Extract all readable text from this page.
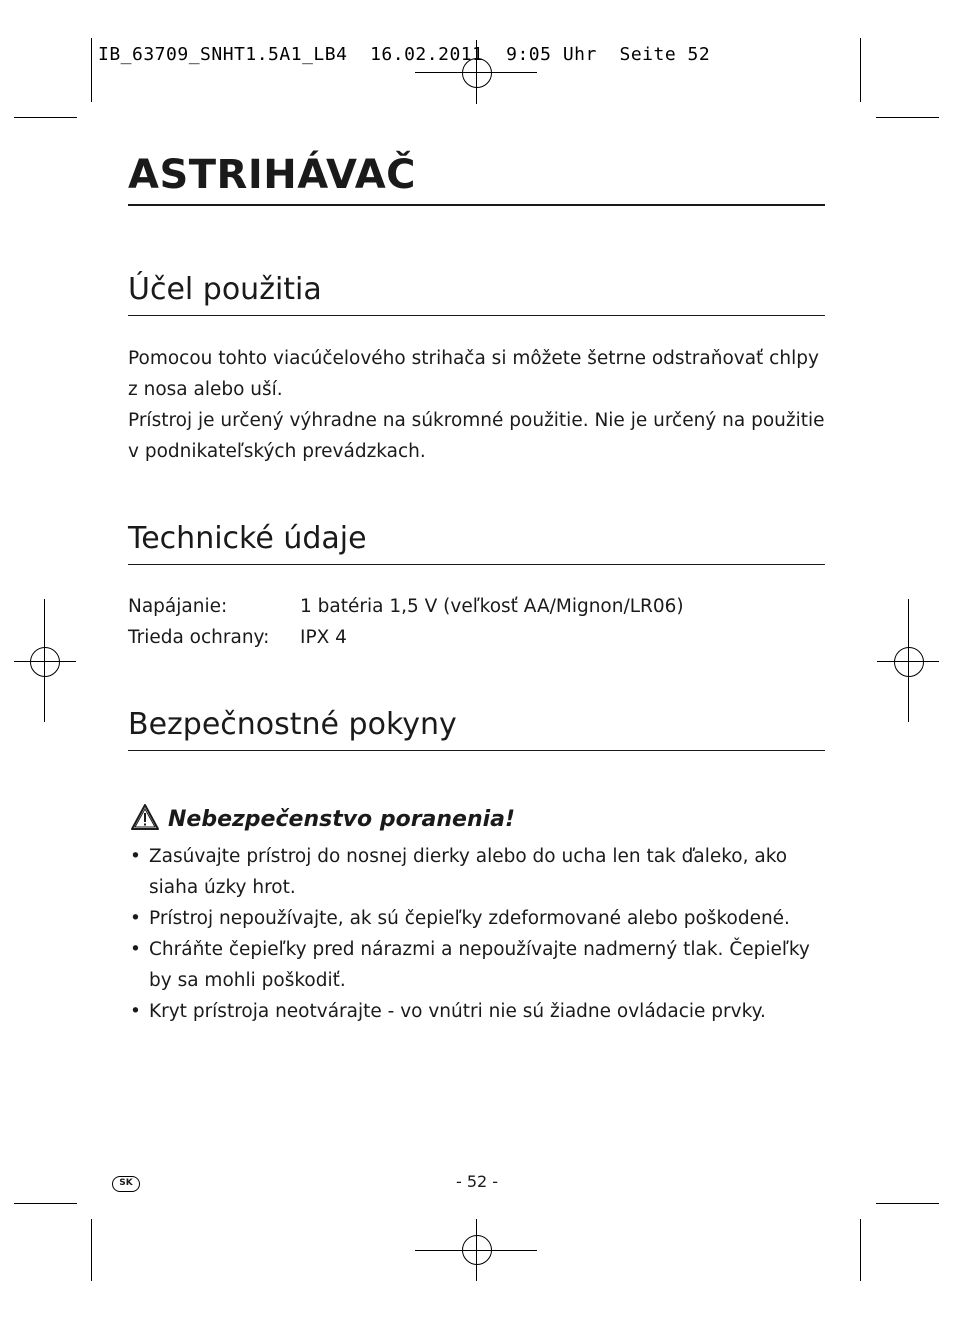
IB_63709_SNHT1.5A1_LB4  16.02.2011  9:05 Uhr  Seite 52
ASTRIHÁVAČ
Účel použitia

Pomocou tohto viacúčelového strihača si môžete šetrne odstraňovať chlpy z nosa alebo uší.

Prístroj je určený výhradne na súkromné použitie. Nie je určený na použitie v podnikateľských prevádzkach.

Technické údaje
Napájanie:	1 batéria 1,5 V (veľkosť AA/Mignon/LR06)
Trieda ochrany: IPX 4
Bezpečnostné pokyny
Nebezpečenstvo poranenia!
• Zasúvajte prístroj do nosnej dierky alebo do ucha len tak ďaleko, ako siaha úzky hrot.
• Prístroj nepoužívajte, ak sú čepieľky zdeformované alebo poškodené.
• Chráňte čepieľky pred nárazmi a nepoužívajte nadmerný tlak. Čepieľky by sa mohli poškodiť.
• Kryt prístroja neotvárajte - vo vnútri nie sú žiadne ovládacie prvky.
SK	- 52 -
